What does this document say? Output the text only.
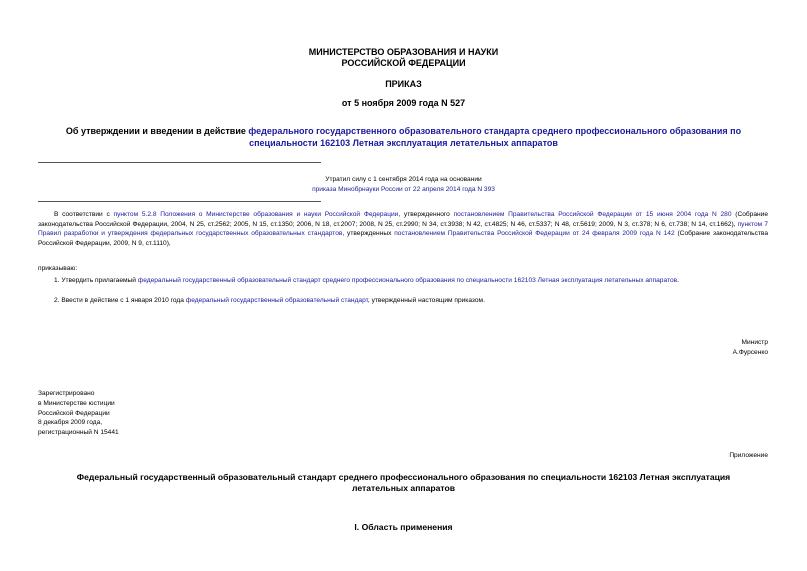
МИНИСТЕРСТВО ОБРАЗОВАНИЯ И НАУКИ
РОССИЙСКОЙ ФЕДЕРАЦИИ
ПРИКАЗ
от 5 ноября 2009 года N 527
Об утверждении и введении в действие федерального государственного образовательного стандарта среднего профессионального образования по специальности 162103 Летная эксплуатация летательных аппаратов
Утратил силу с 1 сентября 2014 года на основании
приказа Минобрнауки России от 22 апреля 2014 года N 393
В соответствии с пунктом 5.2.8 Положения о Министерстве образования и науки Российской Федерации, утвержденного постановлением Правительства Российской Федерации от 15 июня 2004 года N 280 (Собрание законодательства Российской Федерации, 2004, N 25, ст.2562; 2005, N 15, ст.1350; 2006, N 18, ст.2007; 2008, N 25, ст.2990; N 34, ст.3938; N 42, ст.4825; N 46, ст.5337; N 48, ст.5619; 2009, N 3, ст.378; N 6, ст.738; N 14, ст.1662), пунктом 7 Правил разработки и утверждения федеральных государственных образовательных стандартов, утвержденных постановлением Правительства Российской Федерации от 24 февраля 2009 года N 142 (Собрание законодательства Российской Федерации, 2009, N 9, ст.1110),
приказываю:
1. Утвердить прилагаемый федеральный государственный образовательный стандарт среднего профессионального образования по специальности 162103 Летная эксплуатация летательных аппаратов.
2. Ввести в действие с 1 января 2010 года федеральный государственный образовательный стандарт, утвержденный настоящим приказом.
Министр
А.Фурсенко
Зарегистрировано
в Министерстве юстиции
Российской Федерации
8 декабря 2009 года,
регистрационный N 15441
Приложение
Федеральный государственный образовательный стандарт среднего профессионального образования по специальности 162103 Летная эксплуатация летательных аппаратов
I. Область применения
